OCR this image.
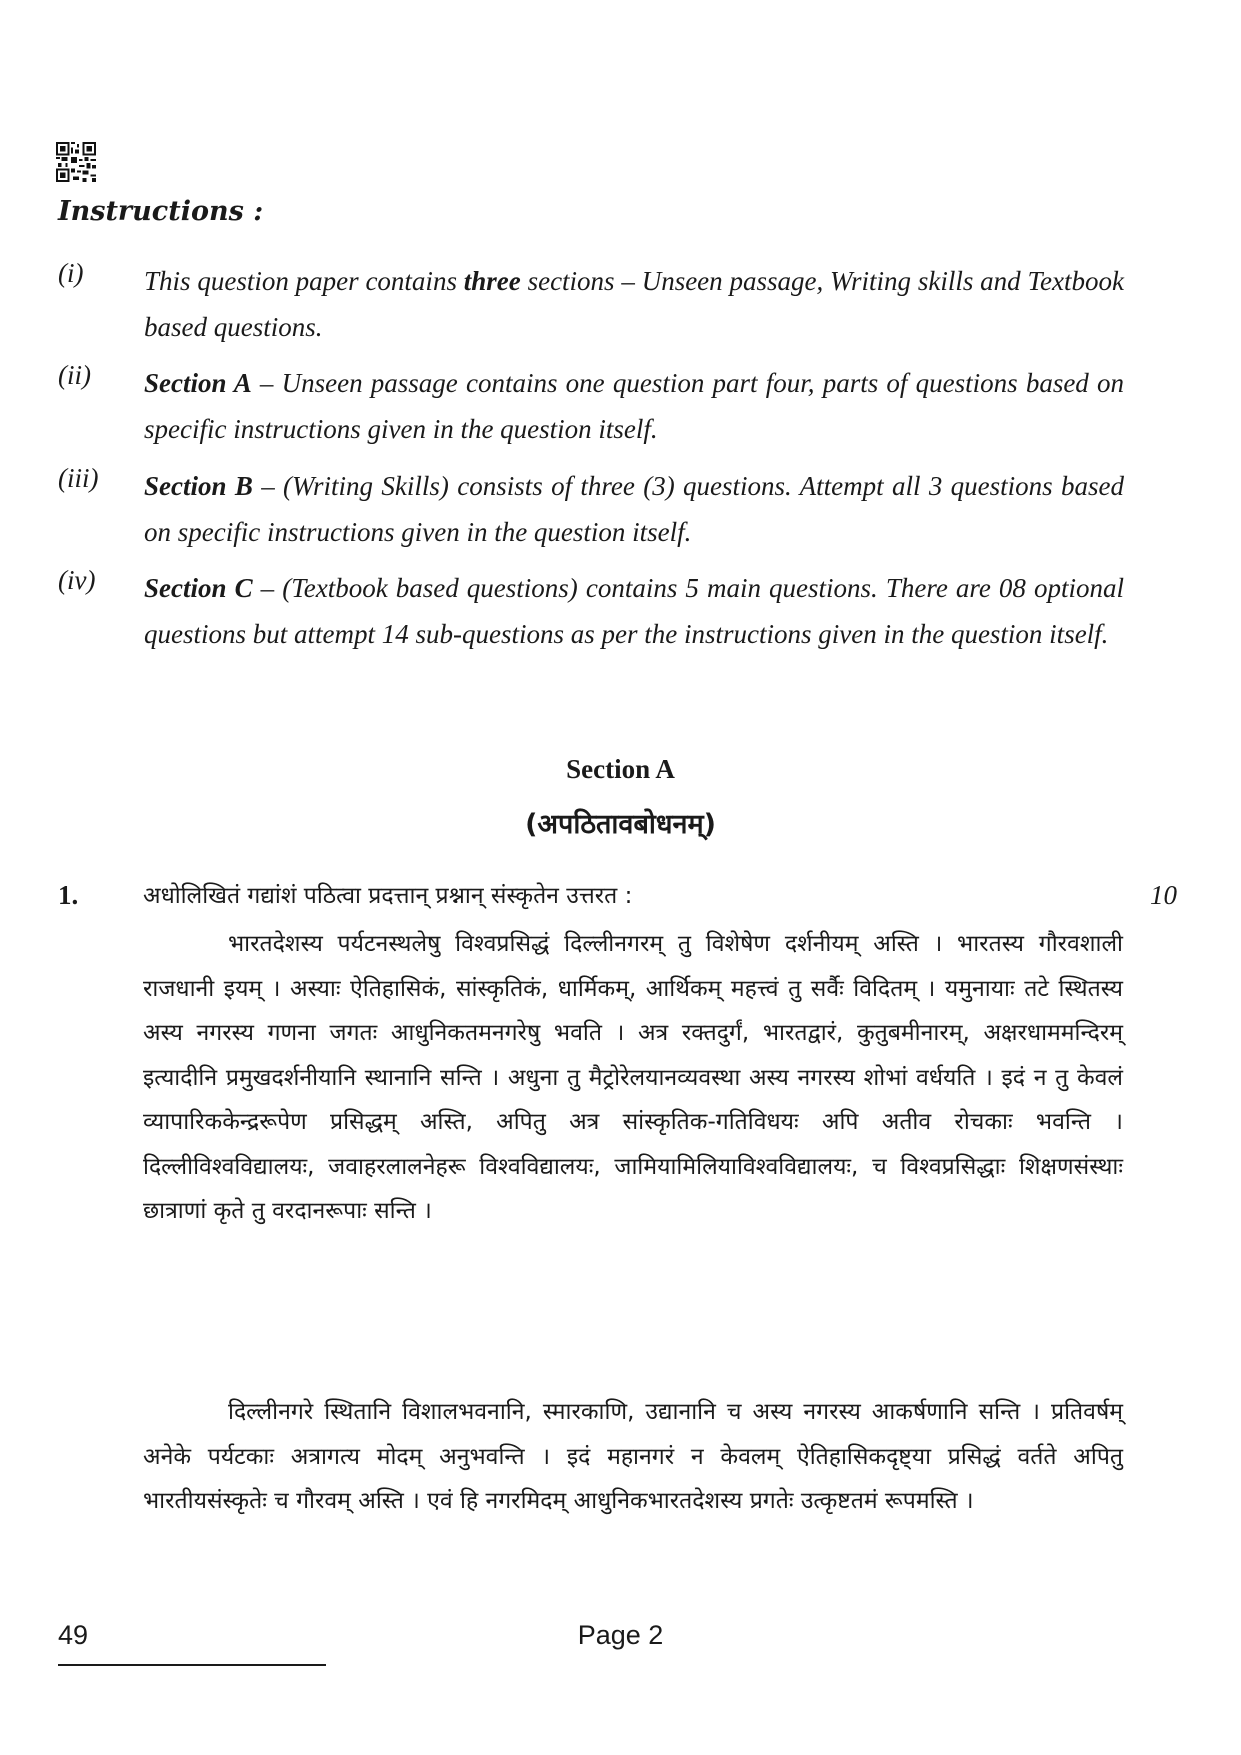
Instructions :

(i) This question paper contains three sections – Unseen passage, Writing skills and Textbook based questions.
(ii) Section A – Unseen passage contains one question part four, parts of questions based on specific instructions given in the question itself.
(iii) Section B – (Writing Skills) consists of three (3) questions. Attempt all 3 questions based on specific instructions given in the question itself.
(iv) Section C – (Textbook based questions) contains 5 main questions. There are 08 optional questions but attempt 14 sub-questions as per the instructions given in the question itself.

Section A

(अपठितावबोधनम्)

1.	अधोलिखितं गद्यांशं पठित्वा प्रदत्तान् प्रश्नान् संस्कृतेन उत्तरत :	10

भारतदेशस्य पर्यटनस्थलेषु विश्वप्रसिद्धं दिल्लीनगरम् तु विशेषेण दर्शनीयम् अस्ति । भारतस्य गौरवशाली राजधानी इयम् । अस्याः ऐतिहासिकं, सांस्कृतिकं, धार्मिकम्, आर्थिकम् महत्त्वं तु सर्वैः विदितम् । यमुनायाः तटे स्थितस्य अस्य नगरस्य गणना जगतः आधुनिकतमनगरेषु भवति । अत्र रक्तदुर्गं, भारतद्वारं, कुतुबमीनारम्, अक्षरधाममन्दिरम् इत्यादीनि प्रमुखदर्शनीयानि स्थानानि सन्ति । अधुना तु मैट्रोरेलयानव्यवस्था अस्य नगरस्य शोभां वर्धयति । इदं न तु केवलं व्यापारिककेन्द्ररूपेण प्रसिद्धम् अस्ति, अपितु अत्र सांस्कृतिक-गतिविधयः अपि अतीव रोचकाः भवन्ति । दिल्लीविश्वविद्यालयः, जवाहरलालनेहरू विश्वविद्यालयः, जामियामिलियाविश्वविद्यालयः, च विश्वप्रसिद्धाः शिक्षणसंस्थाः छात्राणां कृते तु वरदानरूपाः सन्ति ।

दिल्लीनगरे स्थितानि विशालभवनानि, स्मारकाणि, उद्यानानि च अस्य नगरस्य आकर्षणानि सन्ति । प्रतिवर्षम् अनेके पर्यटकाः अत्रागत्य मोदम् अनुभवन्ति । इदं महानगरं न केवलम् ऐतिहासिकदृष्ट्या प्रसिद्धं वर्तते अपितु भारतीयसंस्कृतेः च गौरवम् अस्ति । एवं हि नगरमिदम् आधुनिकभारतदेशस्य प्रगतेः उत्कृष्टतमं रूपमस्ति ।

49	Page 2
